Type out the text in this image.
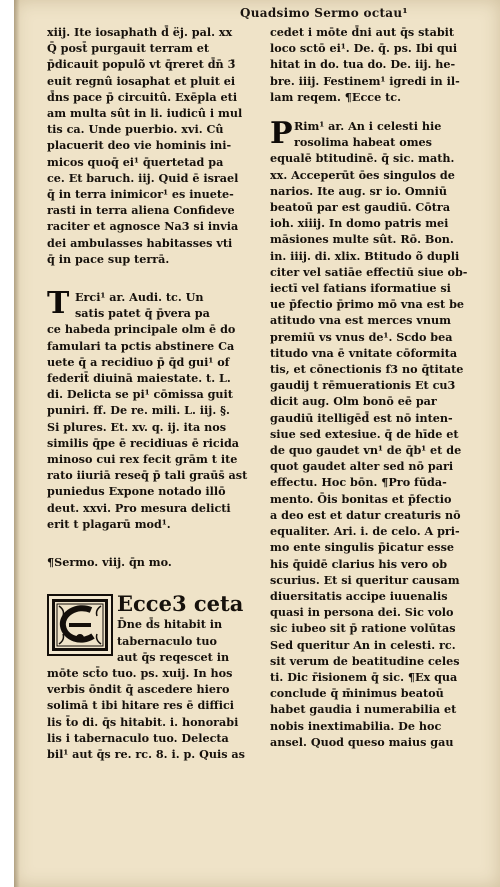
Quadsimo Sermo octau¹
xiij. Ite iosaphath d̄ ëj. pal. xx
Q̄ post̄ purgauit terram et
p̄dicauit populõ vt q̄reret d̄n̄ 3̄
euit regnû iosaphat et pluit ei
d̄ns pace p̄ circuitû. Exēpla eti
am multa sût in li. iudicû i mul
tis ca. Unde puerbio. xvi. Cû
placuerit deo vie hominis ini-
micos quoq̄ ei¹ q̄uertetad pa
ce. Et baruch. iij. Quid ē israel
q̄ in terra inimicor¹ es inuete-
rasti in terra aliena Confideve
raciter et agnosce Na3 si invia
dei ambulasses habitasses vti
q̄ in pace sup terrā.
T Erci¹ ar. Audi. tc. Un
satis patet q̄ p̄vera pa
ce habeda principale olm ē do
famulari ta pctis abstinere Ca
uete q̄ a recidiuo p̄ q̄d gui¹ of
federit̄ diuinā maiestate. t. L.
di. Delicta se pi¹ cōmissa guit
puniri. ff. De re. mili. L. iij. §.
Si plures. Et. xv. q. ij. ita nos
similis q̄pe ē recidiuas ē ricida
minoso cui rex fecit grām t ite
rato iiuriā reseq̄ p̄ tali graūs̄ ast
puniedus Expone notado illō
deut. xxvi. Pro mesura delicti
erit t plagarū mod¹.
¶Sermo. viij. q̄n mo.
Ecce3 ceta
D̄ne d̄s hitabit in
tabernaculo tuo
aut q̄s reqescet in
mōte sct̄o tuo. ps. xuij. In hos
verbis ōndit q̄ ascedere hiero
solimā t ibi hitare res ē diffici
lis t̄o di. q̄s hitabit. i. honorabi
lis i tabernaculo tuo. Delecta
bil¹ aut q̄s re. rc. 8. i. p. Quis as
cedet i mōte d̄ni aut q̄s stabit
loco sctō ei¹. De. q̄. ps. Ibi qui
hitat in do. tua do. De. iij. he-
bre. iiij. Festinem¹ igredi in il-
lam reqem. ¶Ecce tc.
P Rim¹ ar. An i celesti hie
rosolima habeat omes
equalē btitudinē. q̄ sic. math.
xx. Acceperūt ōes singulos de
narios. Ite aug. sr io. Omniū
beatoū par est gaudiū. Cōtra
ioh. xiiij. In domo patris mei
māsiones multe sût. Rō. Bon.
in. iiij. di. xlix. Btitudo õ dupli
citer vel satiāe effectiū siue ob-
iectī vel fatians iformatiue si
ue p̄fectio p̄rimo mō vna est be
atitudo vna est merces vnum
premiū vs vnus de¹. Scdo bea
titudo vna ē vnitate cōformita
tis, et cōnectionis f3 no q̄titate
gaudij t rēmuerationis Et cu3
dicit aug. Olm bonō eē par
gaudiū itelligēd̄ est nō inten-
siue sed extesiue. q̄ de hīde et
de quo gaudet vn¹ de q̄b¹ et de
quot gaudet alter sed nō pari
effectu. Hoc bōn. ¶Pro fūda-
mento. Ōis bonitas et p̄fectio
a deo est et datur creaturis nō
equaliter. Ari. i. de celo. A pri-
mo ente singulis p̄icatur esse
his q̄uidē clarius his vero ob
scurius. Et si queritur causam
diuersitatis accipe iuuenalis
quasi in persona dei. Sic volo
sic iubeo sit p̄ ratione volūtas
Sed queritur An in celesti. rc.
sit verum de beatitudine celes
ti. Dic r̄isionem q̄ sic. ¶Ex qua
conclude q̄ m̄inimus beatoū
habet gaudia i numerabilia et
nobis inextimabilia. De hoc
ansel. Quod queso maius gau
